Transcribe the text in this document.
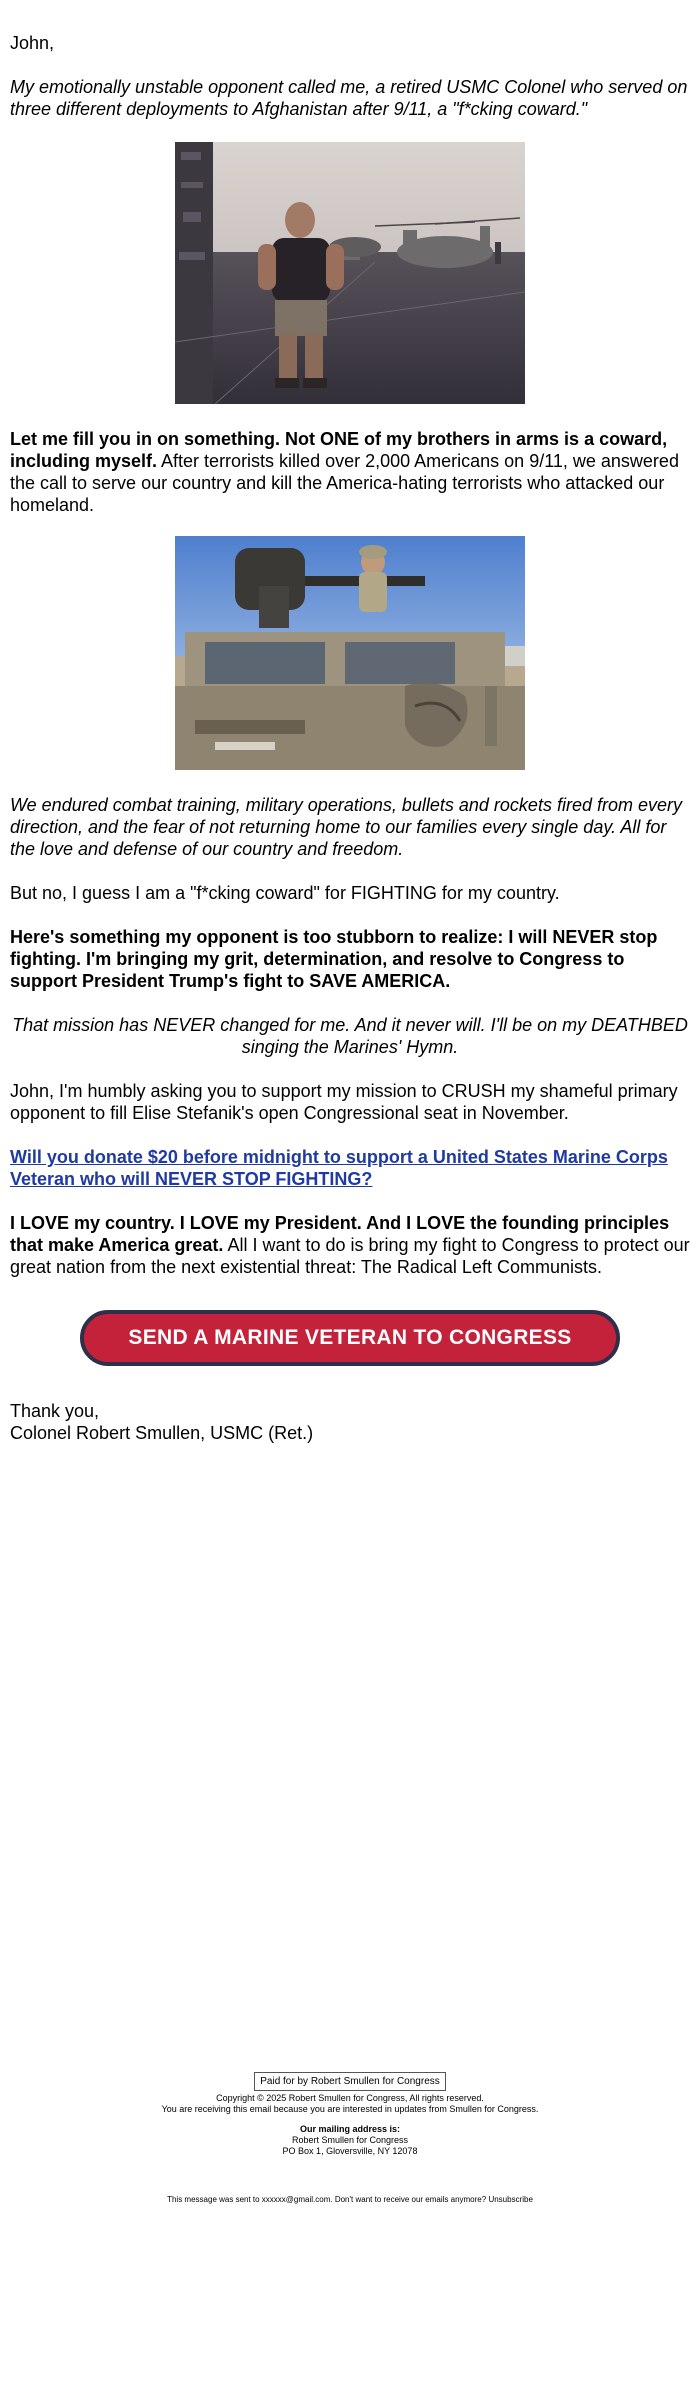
John,

My emotionally unstable opponent called me, a retired USMC Colonel who served on three different deployments to Afghanistan after 9/11, a "f*cking coward."

Let me fill you in on something. Not ONE of my brothers in arms is a coward, including myself. After terrorists killed over 2,000 Americans on 9/11, we answered the call to serve our country and kill the America-hating terrorists who attacked our homeland.

We endured combat training, military operations, bullets and rockets fired from every direction, and the fear of not returning home to our families every single day. All for the love and defense of our country and freedom.

But no, I guess I am a "f*cking coward" for FIGHTING for my country.

Here's something my opponent is too stubborn to realize: I will NEVER stop fighting. I'm bringing my grit, determination, and resolve to Congress to support President Trump's fight to SAVE AMERICA.

That mission has NEVER changed for me. And it never will. I'll be on my DEATHBED singing the Marines' Hymn.

John, I'm humbly asking you to support my mission to CRUSH my shameful primary opponent to fill Elise Stefanik's open Congressional seat in November.

Will you donate $20 before midnight to support a United States Marine Corps Veteran who will NEVER STOP FIGHTING?

I LOVE my country. I LOVE my President. And I LOVE the founding principles that make America great. All I want to do is bring my fight to Congress to protect our great nation from the next existential threat: The Radical Left Communists.

SEND A MARINE VETERAN TO CONGRESS

Thank you,

Colonel Robert Smullen, USMC (Ret.)

Paid for by Robert Smullen for Congress
Copyright © 2025 Robert Smullen for Congress, All rights reserved.
You are receiving this email because you are interested in updates from Smullen for Congress.
Our mailing address is:
Robert Smullen for Congress
PO Box 1, Gloversville, NY 12078
This message was sent to xxxxxx@gmail.com. Don't want to receive our emails anymore? Unsubscribe
